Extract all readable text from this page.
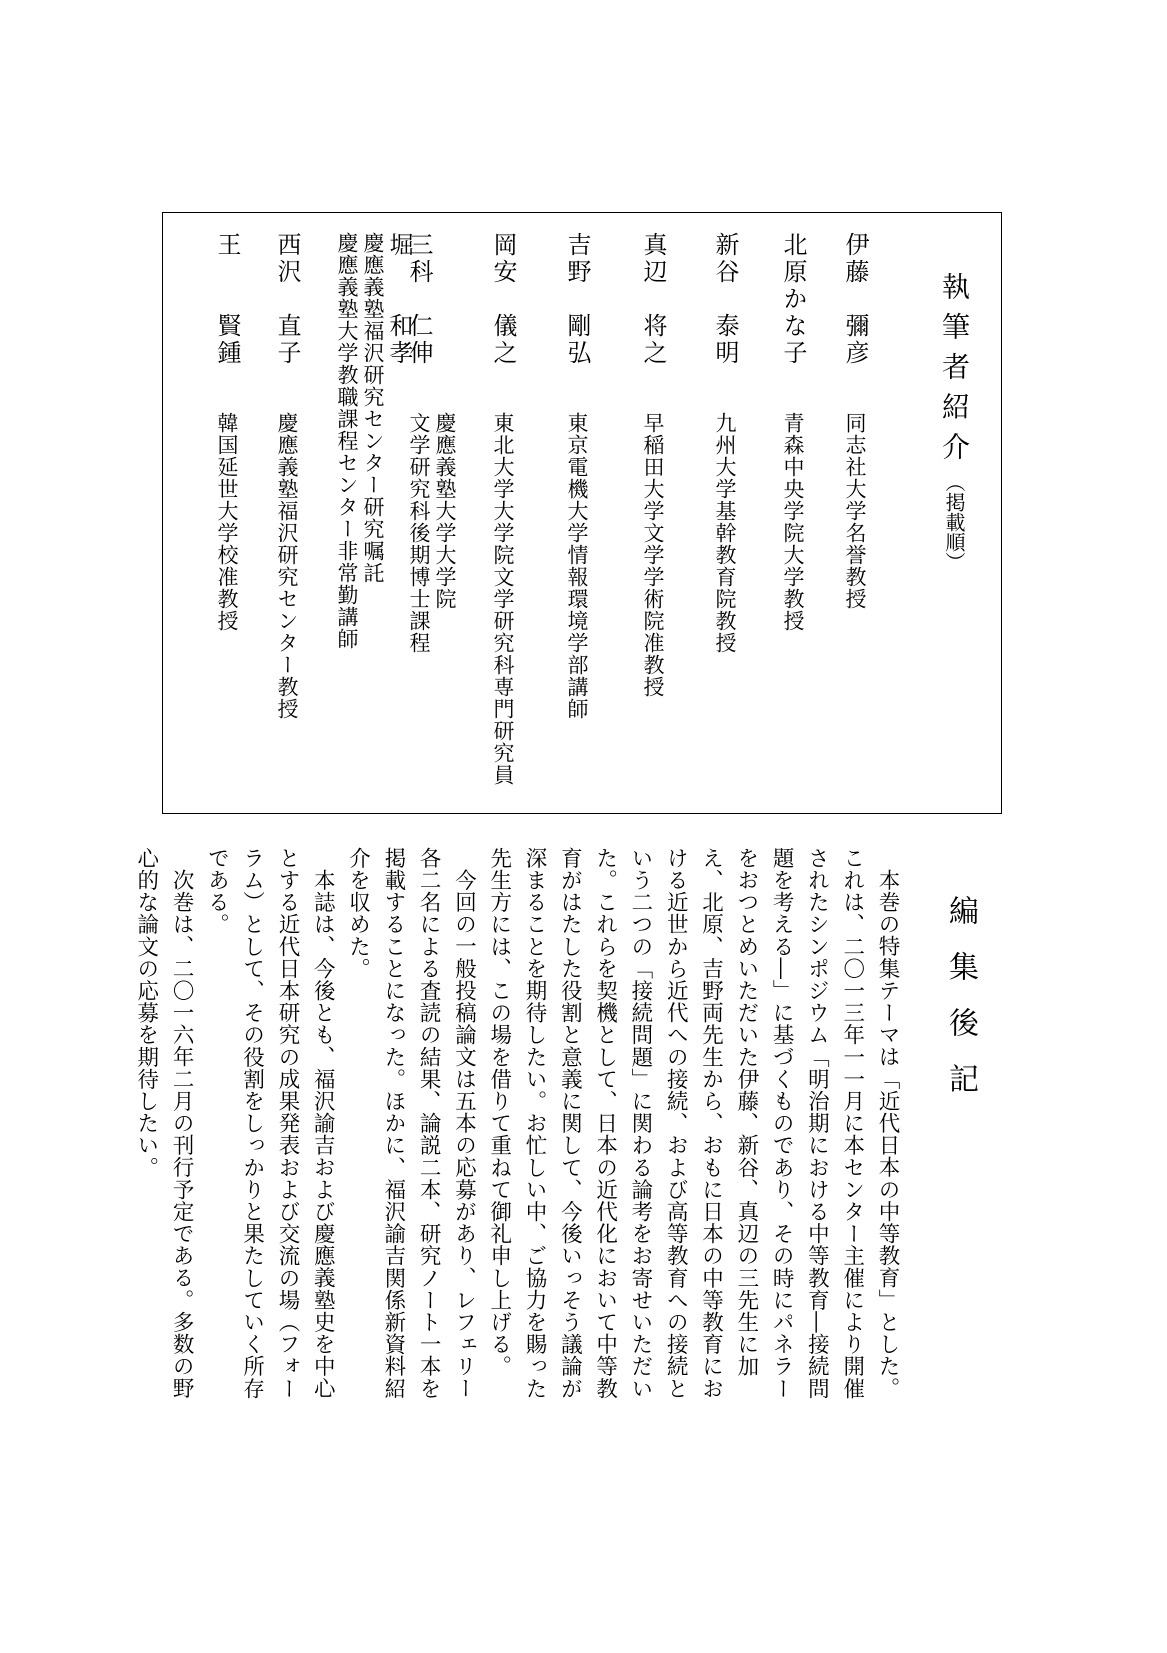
執筆者紹介（掲載順）
伊藤　彌彦
同志社大学名誉教授
北原かな子
青森中央学院大学教授
新谷　泰明
九州大学基幹教育院教授
真辺　将之
早稲田大学文学学術院准教授
吉野　剛弘
東京電機大学情報環境学部講師
岡安　儀之
東北大学大学院文学研究科専門研究員
三科　仁伸
慶應義塾大学大学院
文学研究科後期博士課程
堀　　和孝
慶應義塾福沢研究センター研究嘱託
慶應義塾大学教職課程センター非常勤講師
西沢　直子
慶應義塾福沢研究センター教授
王　　賢鍾
韓国延世大学校准教授
編集後記

本巻の特集テーマは「近代日本の中等教育」とした。これは、二〇一三年一一月に本センター主催により開催されたシンポジウム「明治期における中等教育―接続問題を考える―」に基づくものであり、その時にパネラーをおつとめいただいた伊藤、新谷、真辺の三先生に加え、北原、吉野両先生から、おもに日本の中等教育における近世から近代への接続、および高等教育への接続という二つの「接続問題」に関わる論考をお寄せいただいた。これらを契機として、日本の近代化において中等教育がはたした役割と意義に関して、今後いっそう議論が深まることを期待したい。お忙しい中、ご協力を賜った先生方には、この場を借りて重ねて御礼申し上げる。

今回の一般投稿論文は五本の応募があり、レフェリー各二名による査読の結果、論説二本、研究ノート一本を掲載することになった。ほかに、福沢諭吉関係新資料紹介を収めた。

本誌は、今後とも、福沢諭吉および慶應義塾史を中心とする近代日本研究の成果発表および交流の場（フォーラム）として、その役割をしっかりと果たしていく所存である。

次巻は、二〇一六年二月の刊行予定である。多数の野心的な論文の応募を期待したい。
